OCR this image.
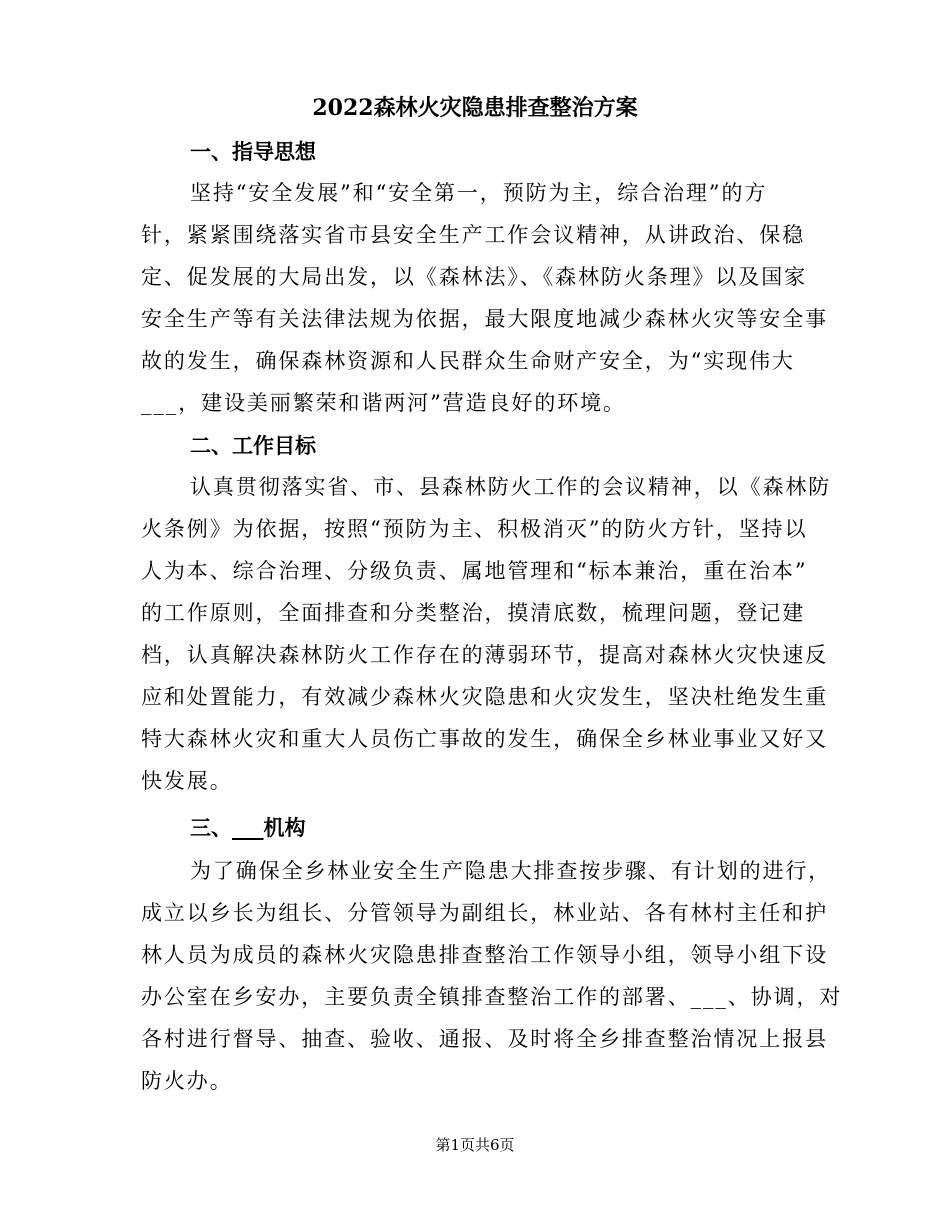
2022森林火灾隐患排查整治方案
一、指导思想
坚持“安全发展”和“安全第一，预防为主，综合治理”的方
针，紧紧围绕落实省市县安全生产工作会议精神，从讲政治、保稳
定、促发展的大局出发，以《森林法》、《森林防火条理》以及国家
安全生产等有关法律法规为依据，最大限度地减少森林火灾等安全事
故的发生，确保森林资源和人民群众生命财产安全，为“实现伟大
___，建设美丽繁荣和谐两河”营造良好的环境。
二、工作目标
认真贯彻落实省、市、县森林防火工作的会议精神，以《森林防
火条例》为依据，按照“预防为主、积极消灭”的防火方针，坚持以
人为本、综合治理、分级负责、属地管理和“标本兼治，重在治本”
的工作原则，全面排查和分类整治，摸清底数，梳理问题，登记建
档，认真解决森林防火工作存在的薄弱环节，提高对森林火灾快速反
应和处置能力，有效减少森林火灾隐患和火灾发生，坚决杜绝发生重
特大森林火灾和重大人员伤亡事故的发生，确保全乡林业事业又好又
快发展。
三、___机构
为了确保全乡林业安全生产隐患大排查按步骤、有计划的进行，
成立以乡长为组长、分管领导为副组长，林业站、各有林村主任和护
林人员为成员的森林火灾隐患排查整治工作领导小组，领导小组下设
办公室在乡安办，主要负责全镇排查整治工作的部署、___、协调，对
各村进行督导、抽查、验收、通报、及时将全乡排查整治情况上报县
防火办。
第1页共6页
